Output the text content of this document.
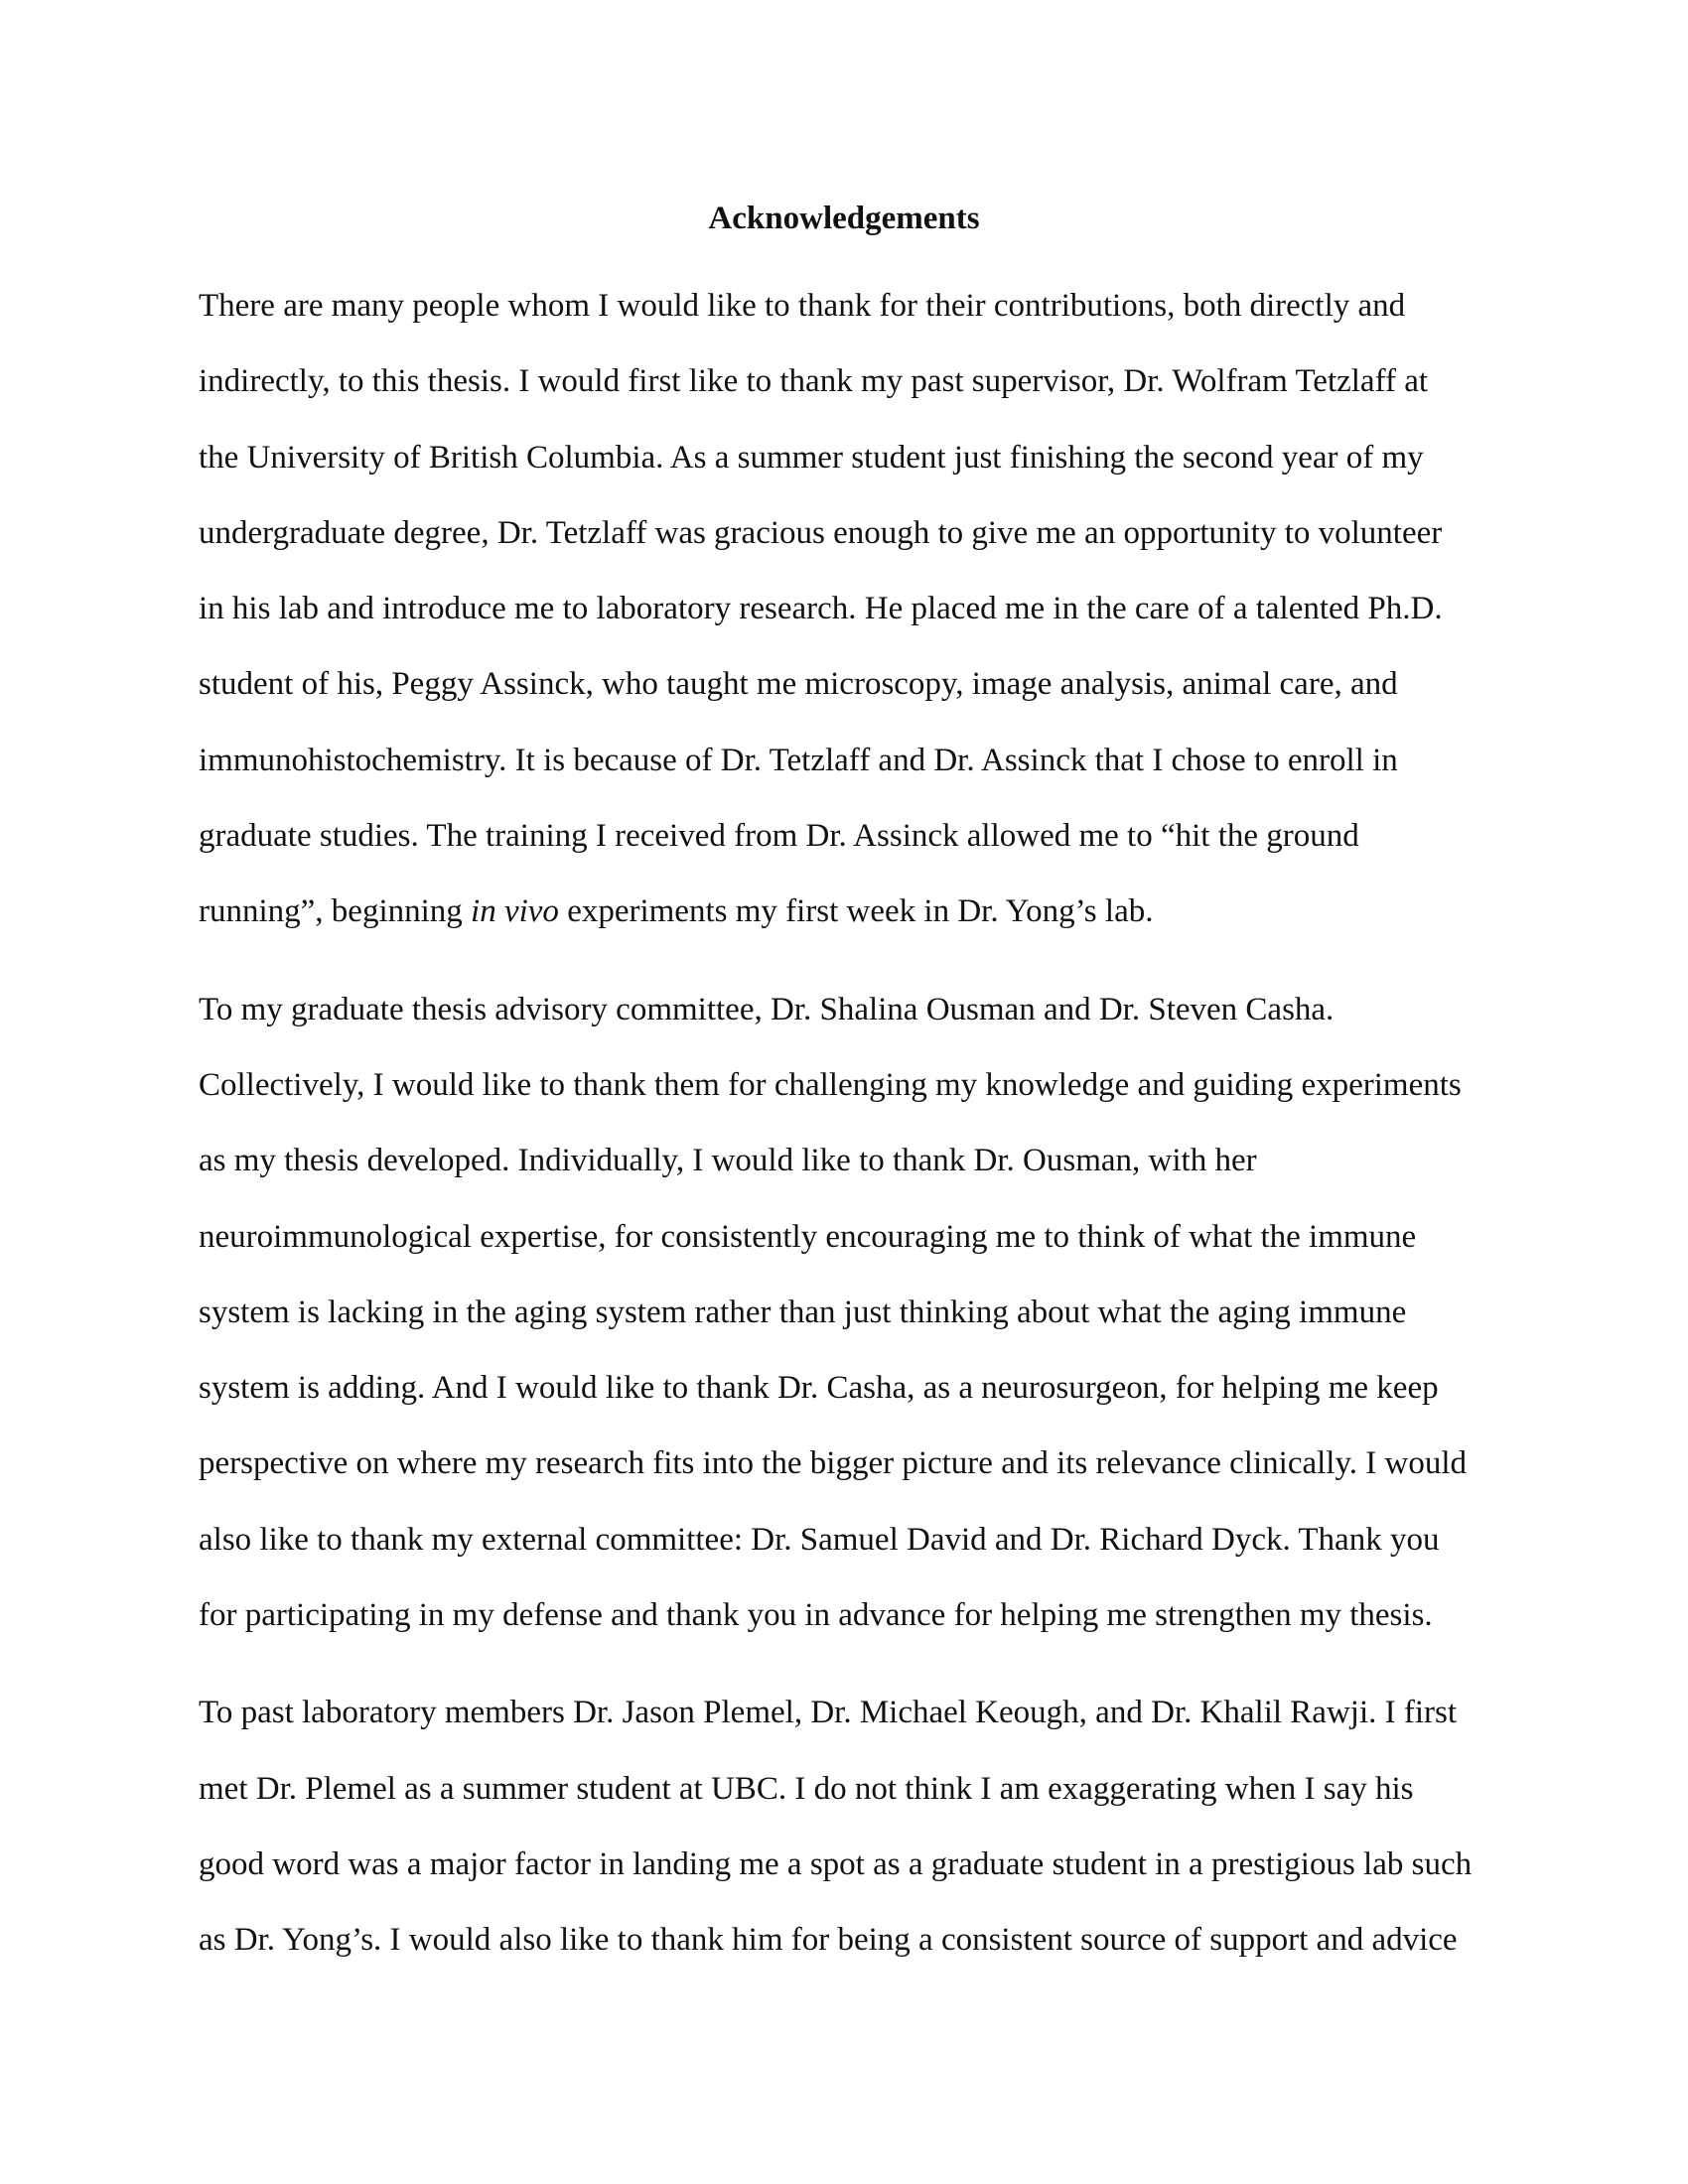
Acknowledgements
There are many people whom I would like to thank for their contributions, both directly and
indirectly, to this thesis. I would first like to thank my past supervisor, Dr. Wolfram Tetzlaff at
the University of British Columbia. As a summer student just finishing the second year of my
undergraduate degree, Dr. Tetzlaff was gracious enough to give me an opportunity to volunteer
in his lab and introduce me to laboratory research. He placed me in the care of a talented Ph.D.
student of his, Peggy Assinck, who taught me microscopy, image analysis, animal care, and
immunohistochemistry. It is because of Dr. Tetzlaff and Dr. Assinck that I chose to enroll in
graduate studies. The training I received from Dr. Assinck allowed me to “hit the ground
running”, beginning in vivo experiments my first week in Dr. Yong’s lab.
To my graduate thesis advisory committee, Dr. Shalina Ousman and Dr. Steven Casha.
Collectively, I would like to thank them for challenging my knowledge and guiding experiments
as my thesis developed. Individually, I would like to thank Dr. Ousman, with her
neuroimmunological expertise, for consistently encouraging me to think of what the immune
system is lacking in the aging system rather than just thinking about what the aging immune
system is adding. And I would like to thank Dr. Casha, as a neurosurgeon, for helping me keep
perspective on where my research fits into the bigger picture and its relevance clinically. I would
also like to thank my external committee: Dr. Samuel David and Dr. Richard Dyck. Thank you
for participating in my defense and thank you in advance for helping me strengthen my thesis.
To past laboratory members Dr. Jason Plemel, Dr. Michael Keough, and Dr. Khalil Rawji. I first
met Dr. Plemel as a summer student at UBC. I do not think I am exaggerating when I say his
good word was a major factor in landing me a spot as a graduate student in a prestigious lab such
as Dr. Yong’s. I would also like to thank him for being a consistent source of support and advice
